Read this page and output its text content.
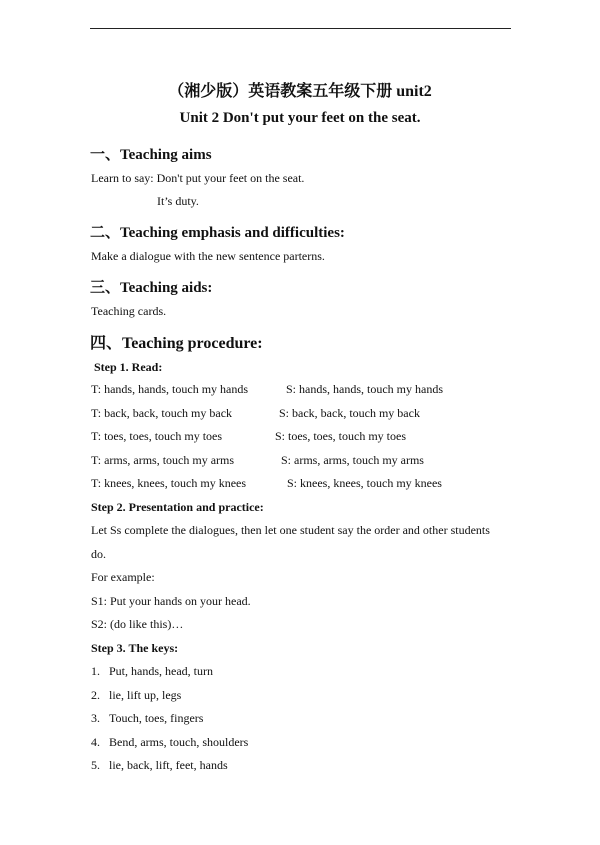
（湘少版）英语教案五年级下册 unit2
Unit 2 Don't put your feet on the seat.
一、Teaching aims
Learn to say: Don't put your feet on the seat.
It’s duty.
二、Teaching emphasis and difficulties:
Make a dialogue with the new sentence parterns.
三、Teaching aids:
Teaching cards.
四、Teaching procedure:
Step 1. Read:
T: hands, hands, touch my hands	S: hands, hands, touch my hands
T: back, back, touch my back	S: back, back, touch my back
T: toes, toes, touch my toes	S: toes, toes, touch my toes
T: arms, arms, touch my arms	S: arms, arms, touch my arms
T: knees, knees, touch my knees	S: knees, knees, touch my knees
Step 2. Presentation and practice:
Let Ss complete the dialogues, then let one student say the order and other students
do.
For example:
S1: Put your hands on your head.
S2: (do like this)…
Step 3. The keys:
1. Put, hands, head, turn
2. lie, lift up, legs
3. Touch, toes, fingers
4. Bend, arms, touch, shoulders
5. lie, back, lift, feet, hands
